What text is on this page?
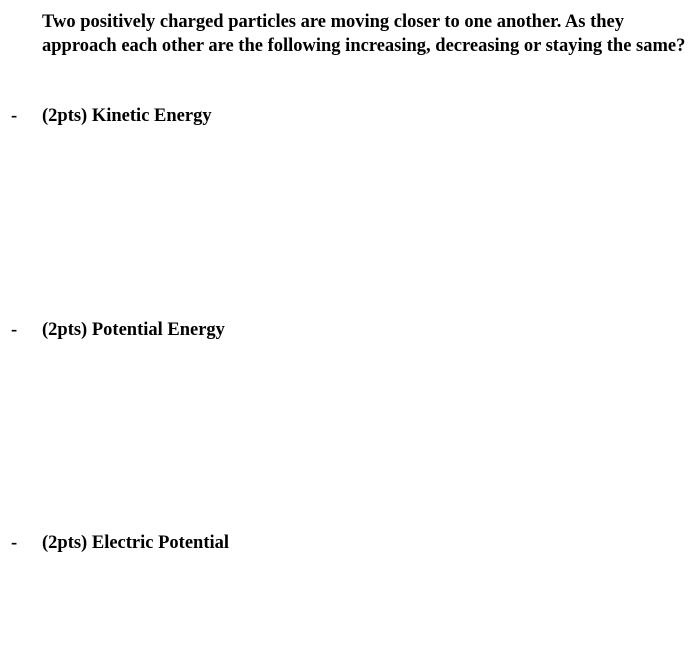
Two positively charged particles are moving closer to one another. As they
approach each other are the following increasing, decreasing or staying the same?
- (2pts) Kinetic Energy
- (2pts) Potential Energy
- (2pts) Electric Potential
